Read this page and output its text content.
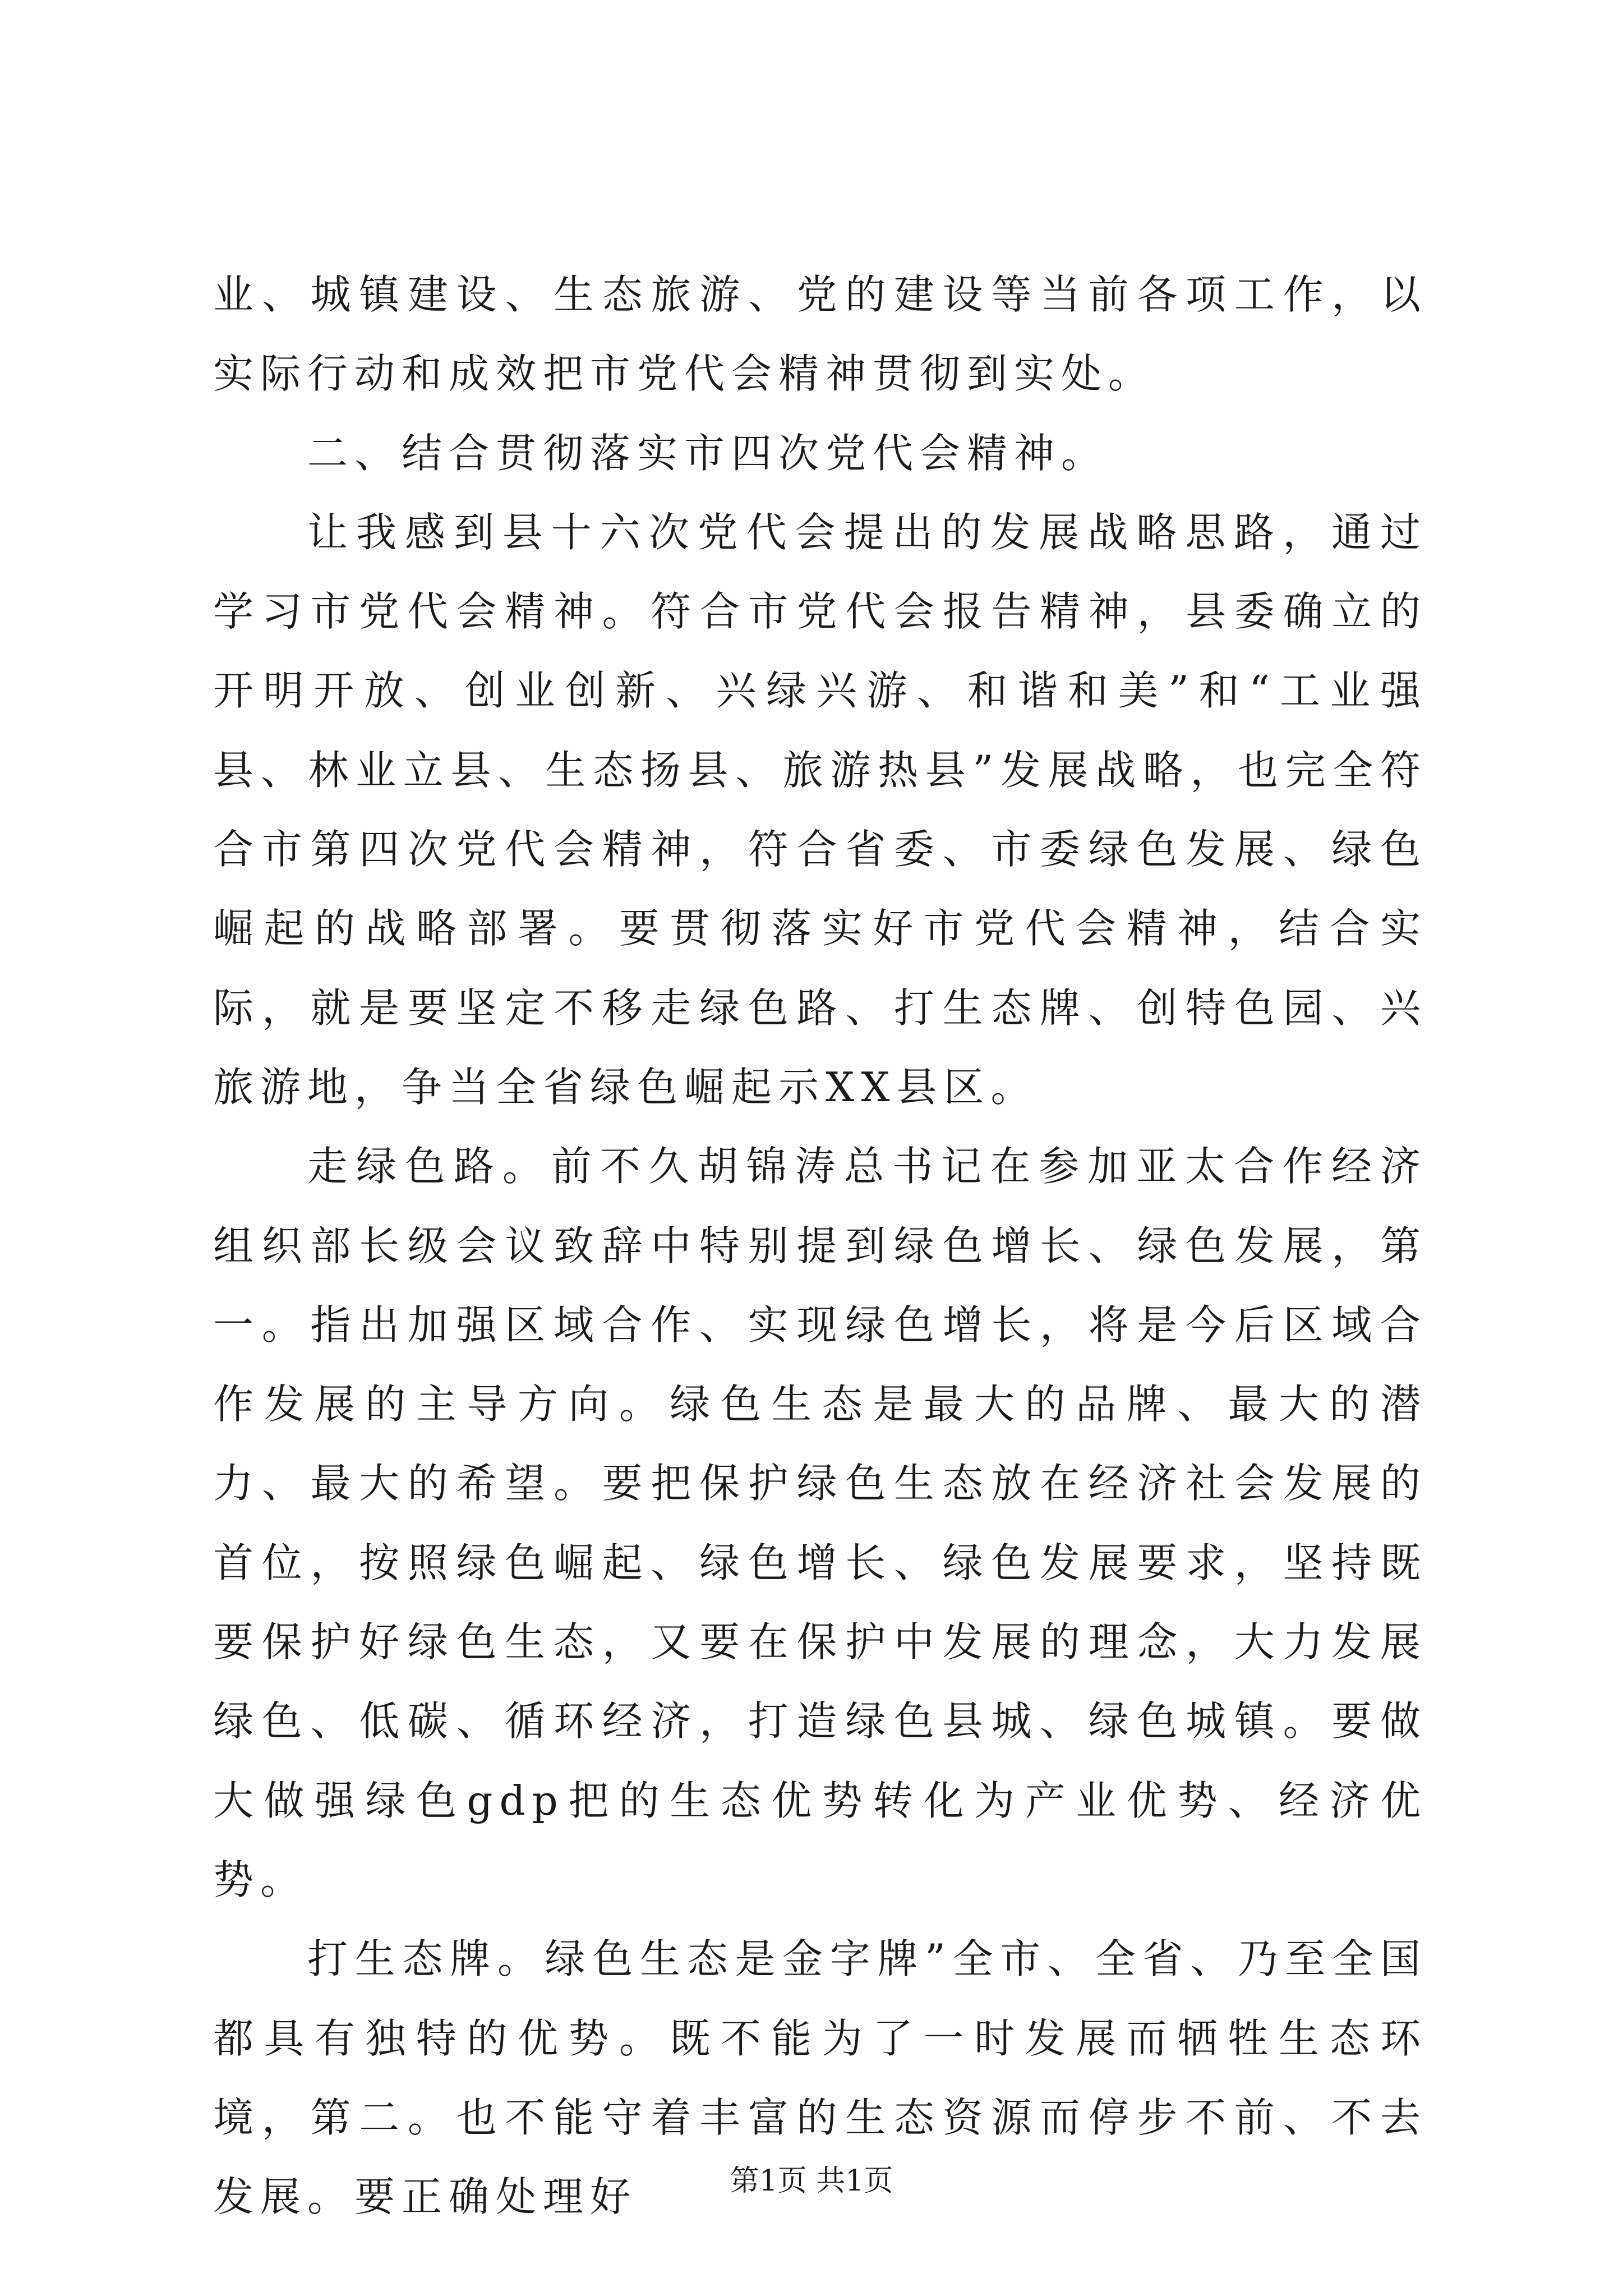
业、城镇建设、生态旅游、党的建设等当前各项工作，以实际行动和成效把市党代会精神贯彻到实处。

二、结合贯彻落实市四次党代会精神。

让我感到县十六次党代会提出的发展战略思路，通过学习市党代会精神。符合市党代会报告精神，县委确立的开明开放、创业创新、兴绿兴游、和谐和美”和“工业强县、林业立县、生态扬县、旅游热县”发展战略，也完全符合市第四次党代会精神，符合省委、市委绿色发展、绿色崛起的战略部署。要贯彻落实好市党代会精神，结合实际，就是要坚定不移走绿色路、打生态牌、创特色园、兴旅游地，争当全省绿色崛起示XX县区。

走绿色路。前不久胡锦涛总书记在参加亚太合作经济组织部长级会议致辞中特别提到绿色增长、绿色发展，第一。指出加强区域合作、实现绿色增长，将是今后区域合作发展的主导方向。绿色生态是最大的品牌、最大的潜力、最大的希望。要把保护绿色生态放在经济社会发展的首位，按照绿色崛起、绿色增长、绿色发展要求，坚持既要保护好绿色生态，又要在保护中发展的理念，大力发展绿色、低碳、循环经济，打造绿色县城、绿色城镇。要做大做强绿色gdp把的生态优势转化为产业优势、经济优势。

打生态牌。绿色生态是金字牌”全市、全省、乃至全国都具有独特的优势。既不能为了一时发展而牺牲生态环境，第二。也不能守着丰富的生态资源而停步不前、不去发展。要正确处理好	第1页 共1页
